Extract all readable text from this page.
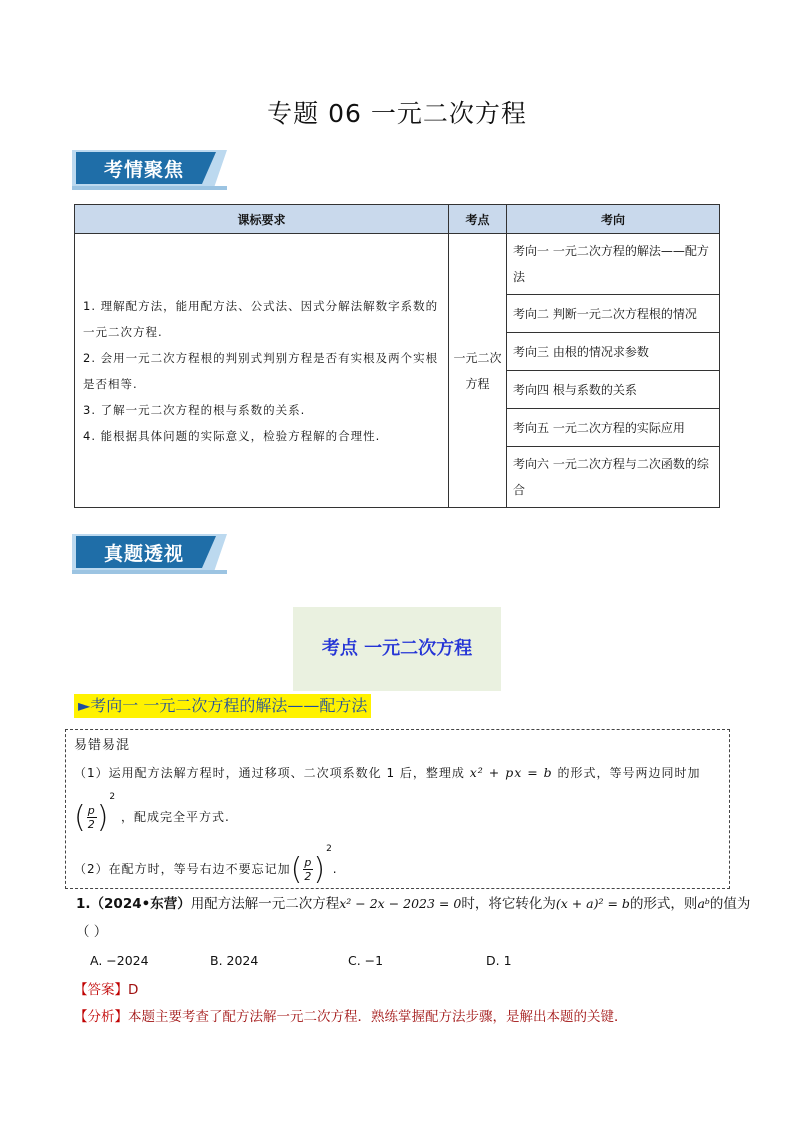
专题 06 一元二次方程
考情聚焦
课标要求	考点	考向

1. 理解配方法，能用配方法、公式法、因式分解法解数字系数的一元二次方程.
2. 会用一元二次方程根的判别式判别方程是否有实根及两个实根是否相等.
3. 了解一元二次方程的根与系数的关系.
4. 能根据具体问题的实际意义，检验方程解的合理性.	一元二次方程	考向一 一元二次方程的解法——配方法
		考向二 判断一元二次方程根的情况
		考向三 由根的情况求参数
		考向四 根与系数的关系
		考向五 一元二次方程的实际应用
		考向六 一元二次方程与二次函数的综合
真题透视
考点 一元二次方程
►考向一 一元二次方程的解法——配方法
易错易混
（1）运用配方法解方程时，通过移项、二次项系数化 1 后，整理成 x² + px = b 的形式，等号两边同时加
( $\frac{p}{2})^2$ ，配成完全平方式.
（2）在配方时，等号右边不要忘记加( $\frac{p}{2})^2$.
1.（2024•东营）用配方法解一元二次方程x² − 2x − 2023 = 0时，将它转化为(x + a)² = b的形式，则aᵇ的值为
（ ）
A. −2024	B. 2024	C. −1	D. 1
【答案】D
【分析】本题主要考查了配方法解一元二次方程．熟练掌握配方法步骤，是解出本题的关键．
